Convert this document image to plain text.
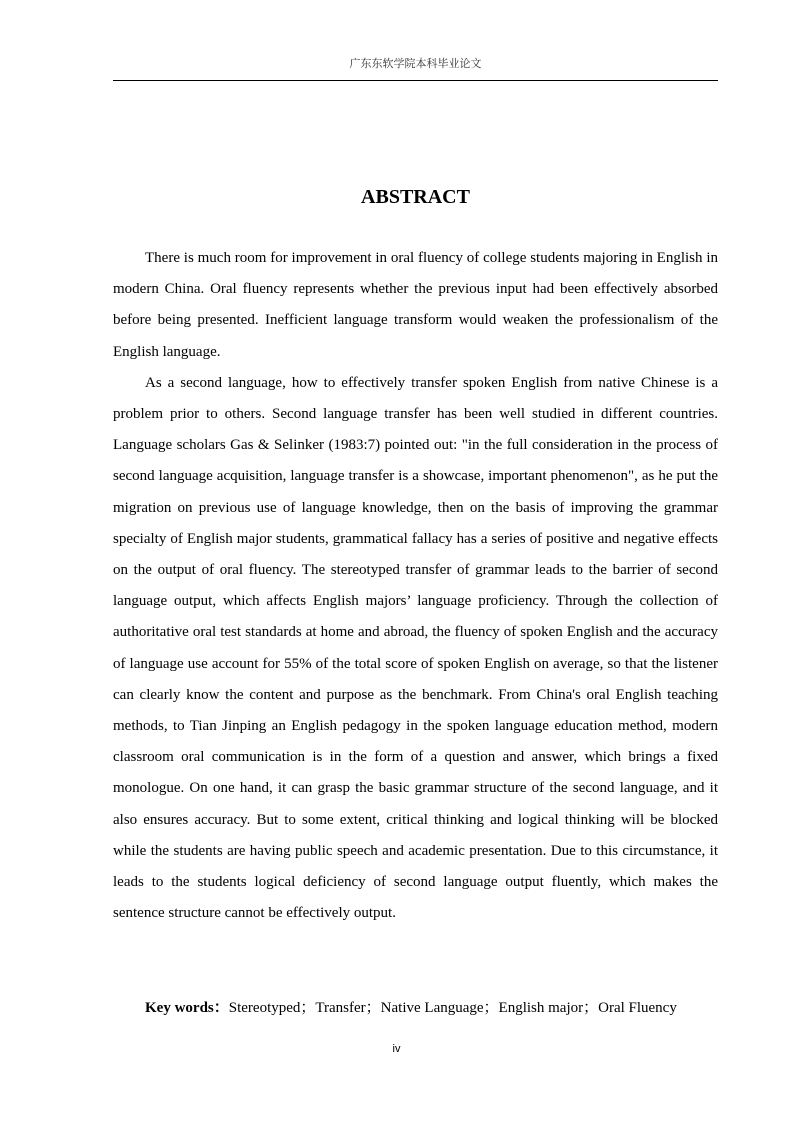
广东东软学院本科毕业论文
ABSTRACT

There is much room for improvement in oral fluency of college students majoring in English in modern China. Oral fluency represents whether the previous input had been effectively absorbed before being presented. Inefficient language transform would weaken the professionalism of the English language.

As a second language, how to effectively transfer spoken English from native Chinese is a problem prior to others. Second language transfer has been well studied in different countries. Language scholars Gas & Selinker (1983:7) pointed out: "in the full consideration in the process of second language acquisition, language transfer is a showcase, important phenomenon", as he put the migration on previous use of language knowledge, then on the basis of improving the grammar specialty of English major students, grammatical fallacy has a series of positive and negative effects on the output of oral fluency. The stereotyped transfer of grammar leads to the barrier of second language output, which affects English majors’ language proficiency. Through the collection of authoritative oral test standards at home and abroad, the fluency of spoken English and the accuracy of language use account for 55% of the total score of spoken English on average, so that the listener can clearly know the content and purpose as the benchmark. From China's oral English teaching methods, to Tian Jinping an English pedagogy in the spoken language education method, modern classroom oral communication is in the form of a question and answer, which brings a fixed monologue. On one hand, it can grasp the basic grammar structure of the second language, and it also ensures accuracy. But to some extent, critical thinking and logical thinking will be blocked while the students are having public speech and academic presentation. Due to this circumstance, it leads to the students logical deficiency of second language output fluently, which makes the sentence structure cannot be effectively output.

Key words：Stereotyped；Transfer；Native Language；English major；Oral Fluency
iv
